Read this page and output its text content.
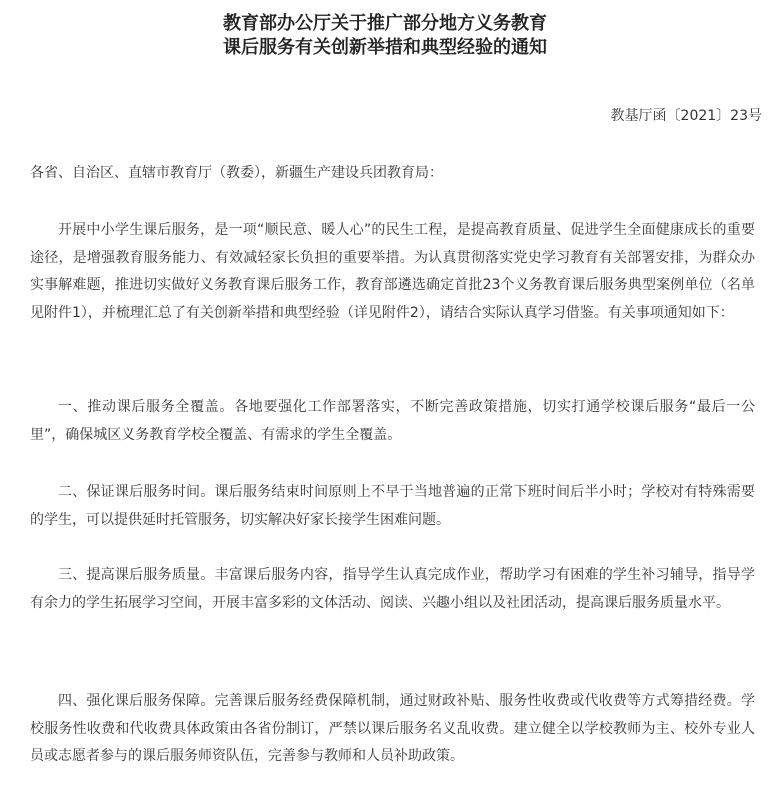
教育部办公厅关于推广部分地方义务教育
课后服务有关创新举措和典型经验的通知
教基厅函〔2021〕23号
各省、自治区、直辖市教育厅（教委），新疆生产建设兵团教育局：
开展中小学生课后服务，是一项“顺民意、暖人心”的民生工程，是提高教育质量、促进学生全面健康成长的重要途径，是增强教育服务能力、有效减轻家长负担的重要举措。为认真贯彻落实党史学习教育有关部署安排，为群众办实事解难题，推进切实做好义务教育课后服务工作，教育部遴选确定首批23个义务教育课后服务典型案例单位（名单见附件1），并梳理汇总了有关创新举措和典型经验（详见附件2），请结合实际认真学习借鉴。有关事项通知如下：
一、推动课后服务全覆盖。各地要强化工作部署落实，不断完善政策措施，切实打通学校课后服务“最后一公里”，确保城区义务教育学校全覆盖、有需求的学生全覆盖。
二、保证课后服务时间。课后服务结束时间原则上不早于当地普遍的正常下班时间后半小时；学校对有特殊需要的学生，可以提供延时托管服务，切实解决好家长接学生困难问题。
三、提高课后服务质量。丰富课后服务内容，指导学生认真完成作业，帮助学习有困难的学生补习辅导，指导学有余力的学生拓展学习空间，开展丰富多彩的文体活动、阅读、兴趣小组以及社团活动，提高课后服务质量水平。
四、强化课后服务保障。完善课后服务经费保障机制，通过财政补贴、服务性收费或代收费等方式筹措经费。学校服务性收费和代收费具体政策由各省份制订，严禁以课后服务名义乱收费。建立健全以学校教师为主、校外专业人员或志愿者参与的课后服务师资队伍，完善参与教师和人员补助政策。
